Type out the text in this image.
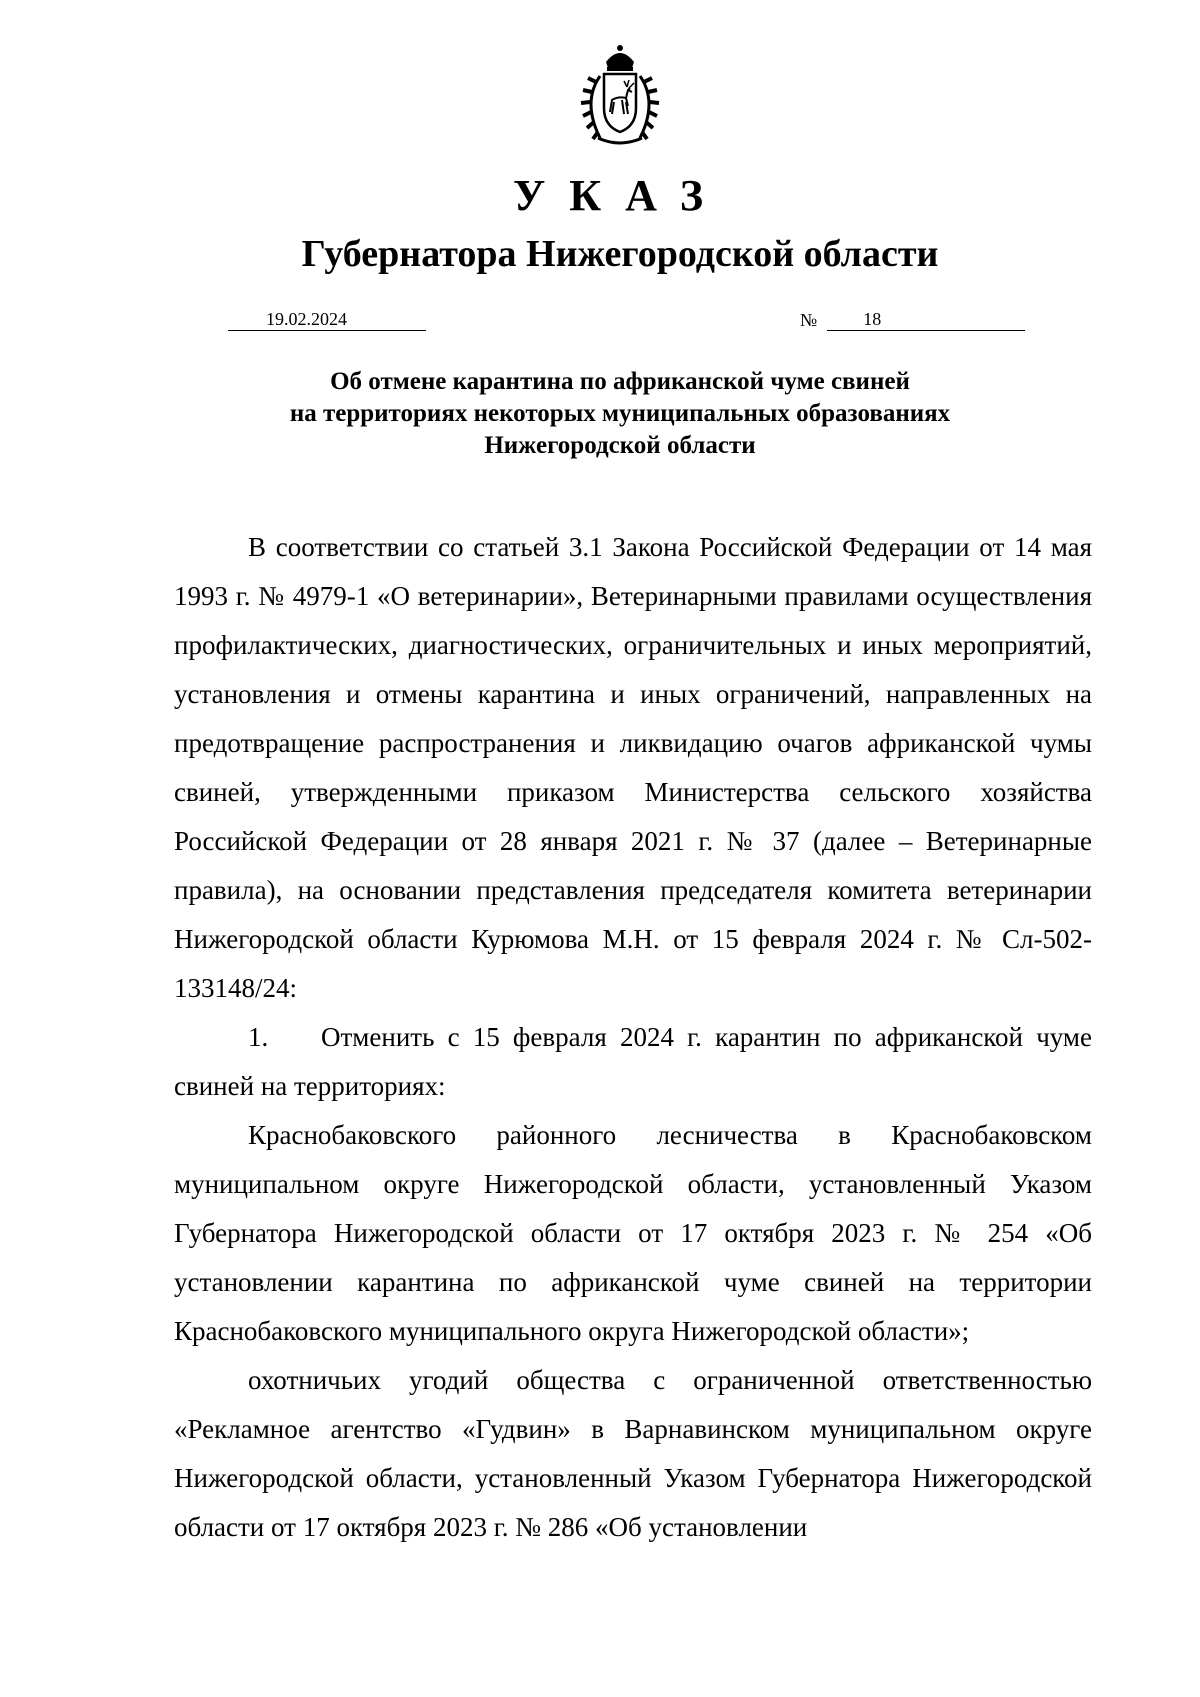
УКАЗ
Губернатора Нижегородской области
19.02.2024	№	18
Об отмене карантина по африканской чуме свиней
на территориях некоторых муниципальных образованиях
Нижегородской области

В соответствии со статьей 3.1 Закона Российской Федерации от 14 мая 1993 г. № 4979-1 «О ветеринарии», Ветеринарными правилами осуществления профилактических, диагностических, ограничительных и иных мероприятий, установления и отмены карантина и иных ограничений, направленных на предотвращение распространения и ликвидацию очагов африканской чумы свиней, утвержденными приказом Министерства сельского хозяйства Российской Федерации от 28 января 2021 г. № 37 (далее – Ветеринарные правила), на основании представления председателя комитета ветеринарии Нижегородской области Курюмова М.Н. от 15 февраля 2024 г. № Сл-502-133148/24:

1. Отменить с 15 февраля 2024 г. карантин по африканской чуме свиней на территориях:

Краснобаковского районного лесничества в Краснобаковском муниципальном округе Нижегородской области, установленный Указом Губернатора Нижегородской области от 17 октября 2023 г. № 254 «Об установлении карантина по африканской чуме свиней на территории Краснобаковского муниципального округа Нижегородской области»;

охотничьих угодий общества с ограниченной ответственностью «Рекламное агентство «Гудвин» в Варнавинском муниципальном округе Нижегородской области, установленный Указом Губернатора Нижегородской области от 17 октября 2023 г. № 286 «Об установлении
